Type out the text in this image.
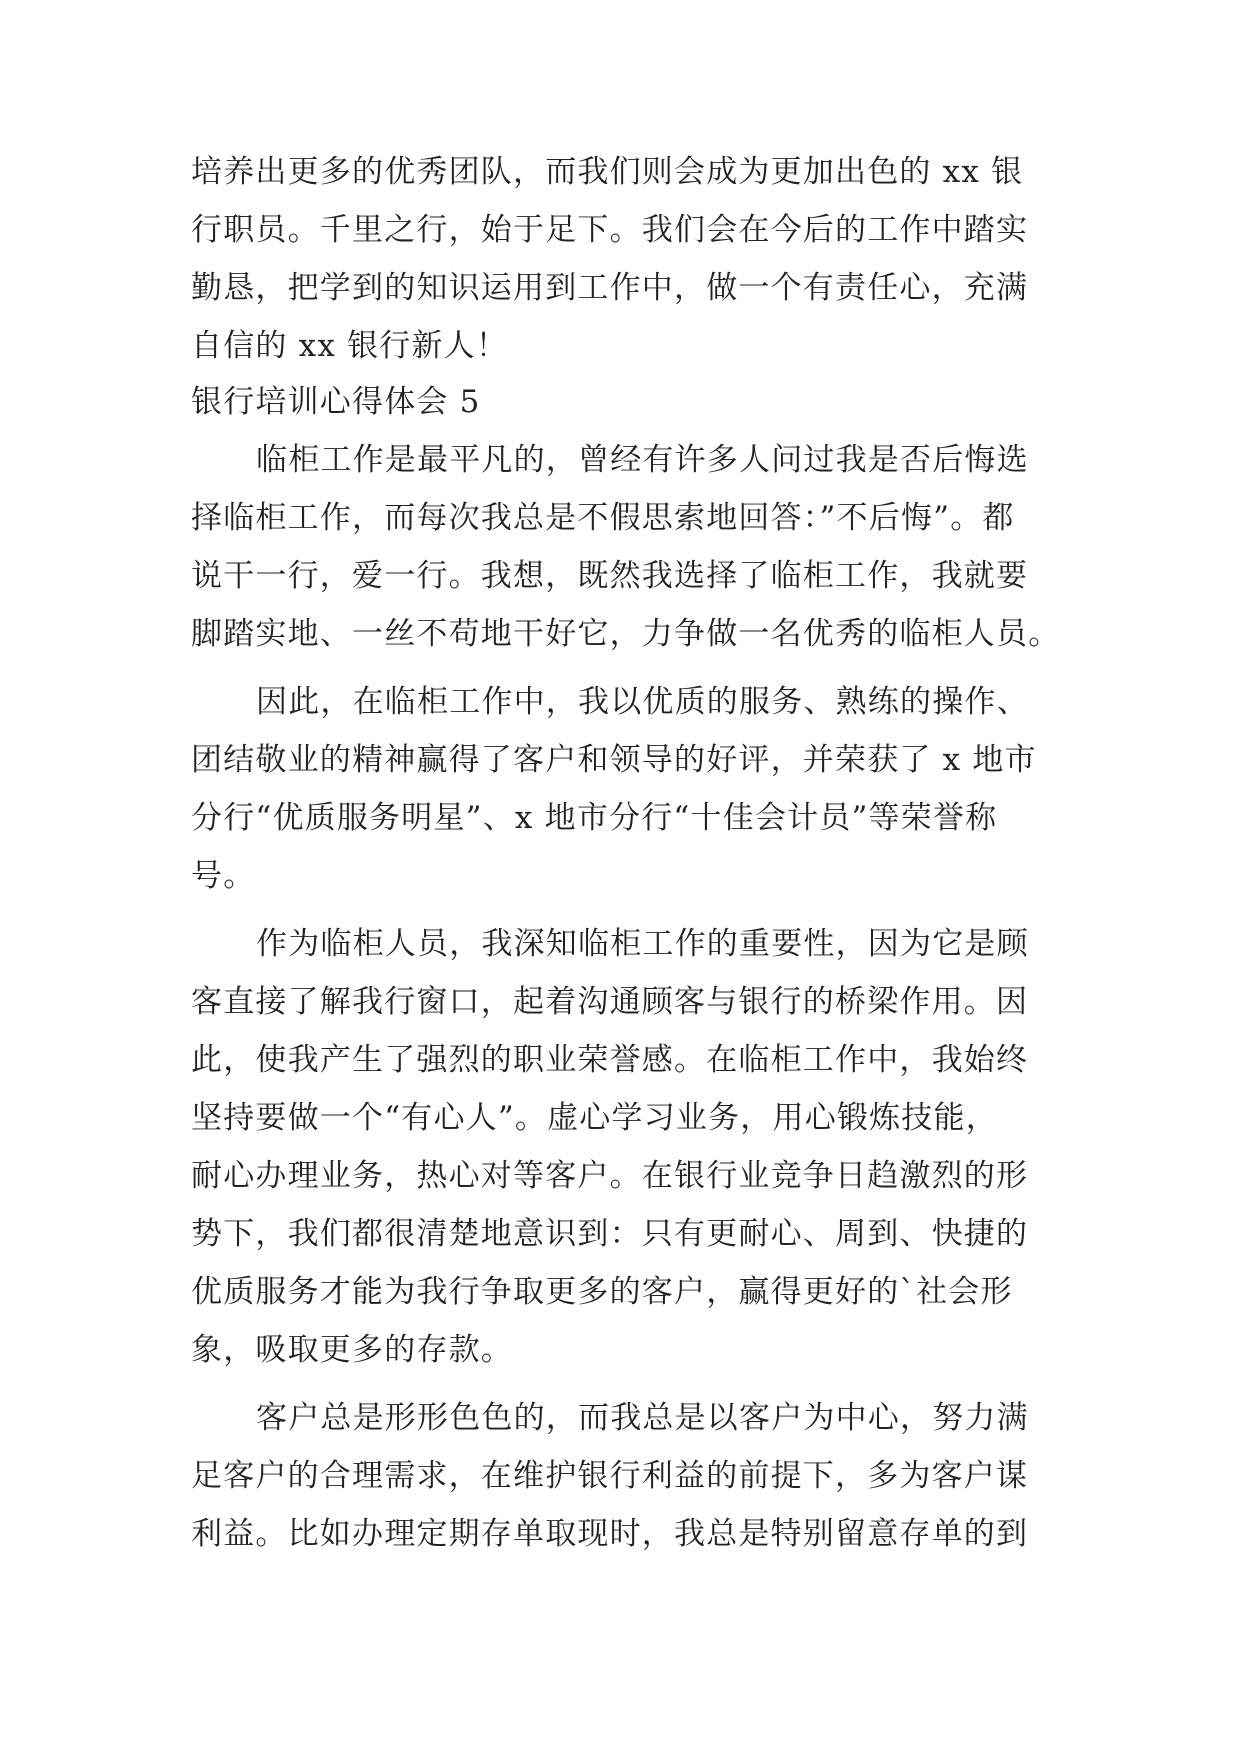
培养出更多的优秀团队，而我们则会成为更加出色的 xx 银
行职员。千里之行，始于足下。我们会在今后的工作中踏实
勤恳，把学到的知识运用到工作中，做一个有责任心，充满
自信的 xx 银行新人！
银行培训心得体会 5
临柜工作是最平凡的，曾经有许多人问过我是否后悔选
择临柜工作，而每次我总是不假思索地回答：”不后悔”。都
说干一行，爱一行。我想，既然我选择了临柜工作，我就要
脚踏实地、一丝不苟地干好它，力争做一名优秀的临柜人员。
因此，在临柜工作中，我以优质的服务、熟练的操作、
团结敬业的精神赢得了客户和领导的好评，并荣获了 x 地市
分行“优质服务明星”、x 地市分行“十佳会计员”等荣誉称
号。
作为临柜人员，我深知临柜工作的重要性，因为它是顾
客直接了解我行窗口，起着沟通顾客与银行的桥梁作用。因
此，使我产生了强烈的职业荣誉感。在临柜工作中，我始终
坚持要做一个“有心人”。虚心学习业务，用心锻炼技能，
耐心办理业务，热心对等客户。在银行业竞争日趋激烈的形
势下，我们都很清楚地意识到：只有更耐心、周到、快捷的
优质服务才能为我行争取更多的客户，赢得更好的`社会形
象，吸取更多的存款。
客户总是形形色色的，而我总是以客户为中心，努力满
足客户的合理需求，在维护银行利益的前提下，多为客户谋
利益。比如办理定期存单取现时，我总是特别留意存单的到
